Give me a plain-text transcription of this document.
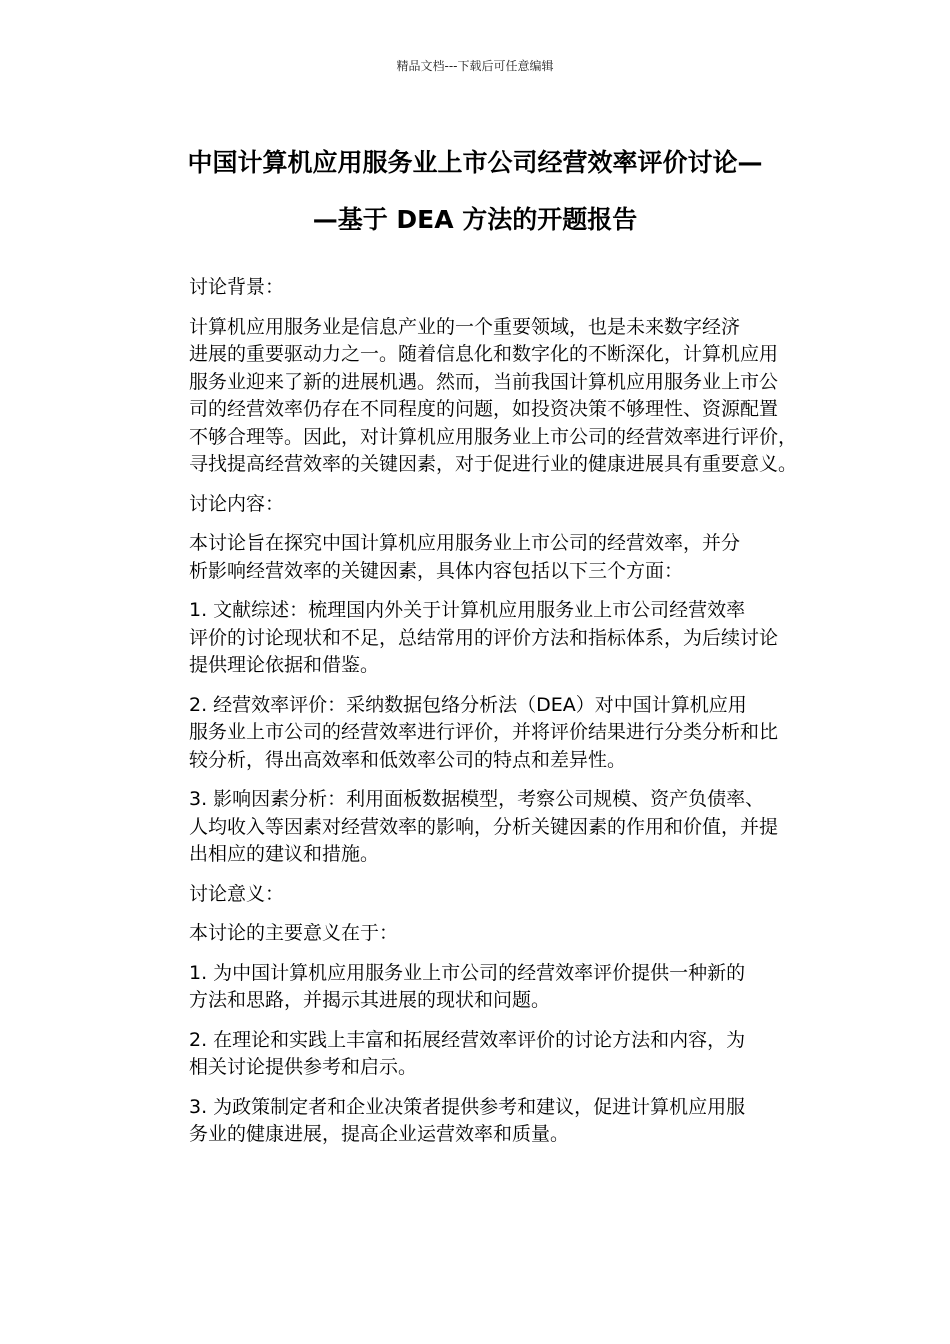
精品文档---下载后可任意编辑
中国计算机应用服务业上市公司经营效率评价讨论—
—基于 DEA 方法的开题报告

讨论背景：

计算机应用服务业是信息产业的一个重要领域，也是未来数字经济
进展的重要驱动力之一。随着信息化和数字化的不断深化，计算机应用
服务业迎来了新的进展机遇。然而，当前我国计算机应用服务业上市公
司的经营效率仍存在不同程度的问题，如投资决策不够理性、资源配置
不够合理等。因此，对计算机应用服务业上市公司的经营效率进行评价，
寻找提高经营效率的关键因素，对于促进行业的健康进展具有重要意义。

讨论内容：

本讨论旨在探究中国计算机应用服务业上市公司的经营效率，并分
析影响经营效率的关键因素，具体内容包括以下三个方面：

1. 文献综述：梳理国内外关于计算机应用服务业上市公司经营效率
评价的讨论现状和不足，总结常用的评价方法和指标体系，为后续讨论
提供理论依据和借鉴。

2. 经营效率评价：采纳数据包络分析法（DEA）对中国计算机应用
服务业上市公司的经营效率进行评价，并将评价结果进行分类分析和比
较分析，得出高效率和低效率公司的特点和差异性。

3. 影响因素分析：利用面板数据模型，考察公司规模、资产负债率、
人均收入等因素对经营效率的影响，分析关键因素的作用和价值，并提
出相应的建议和措施。

讨论意义：

本讨论的主要意义在于：

1. 为中国计算机应用服务业上市公司的经营效率评价提供一种新的
方法和思路，并揭示其进展的现状和问题。

2. 在理论和实践上丰富和拓展经营效率评价的讨论方法和内容，为
相关讨论提供参考和启示。

3. 为政策制定者和企业决策者提供参考和建议，促进计算机应用服
务业的健康进展，提高企业运营效率和质量。
